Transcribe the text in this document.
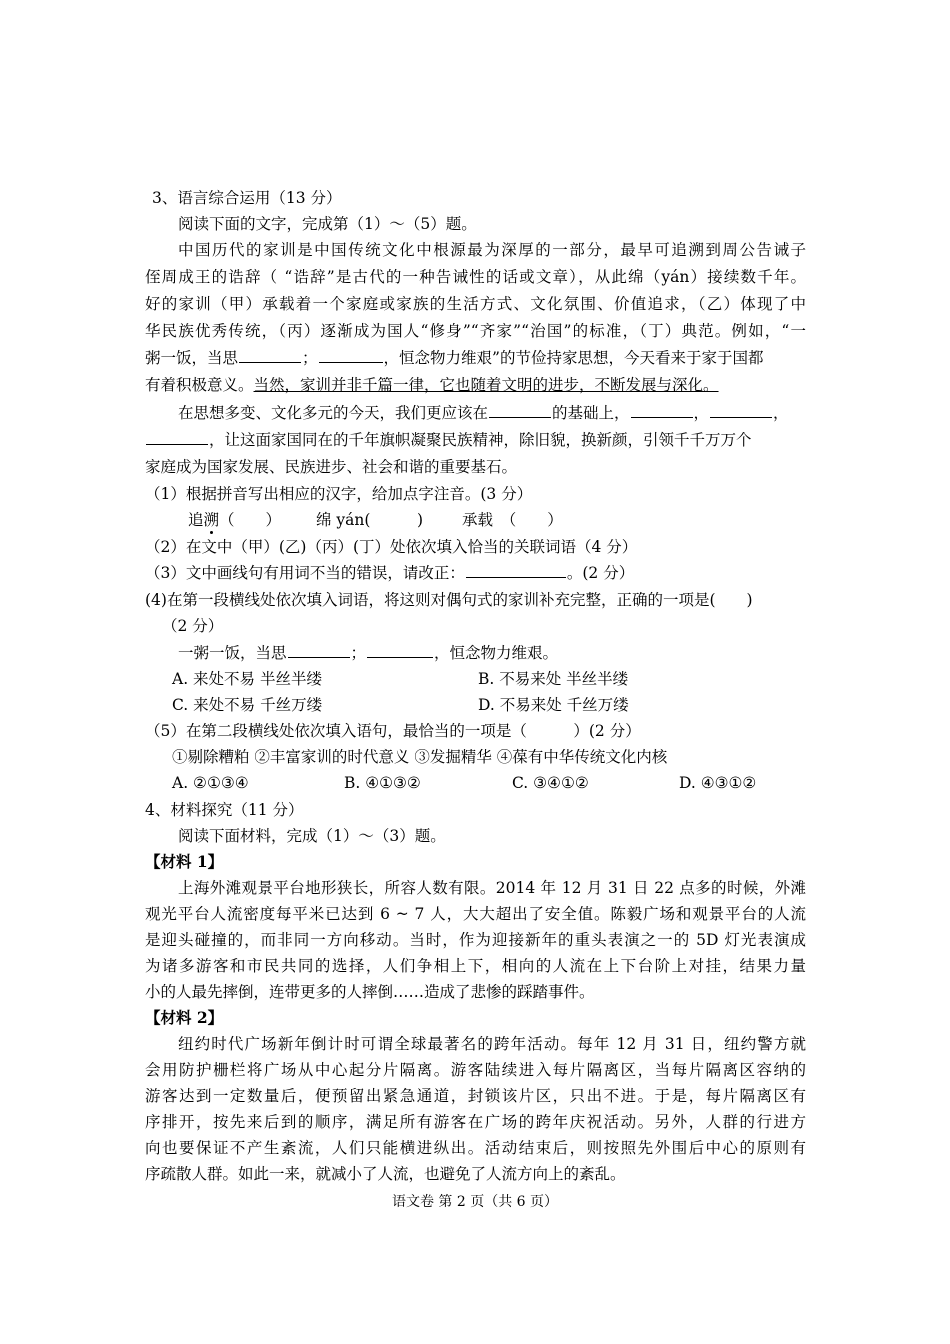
3、语言综合运用（13 分）
阅读下面的文字，完成第（1）～（5）题。
中国历代的家训是中国传统文化中根源最为深厚的一部分，最早可追溯到周公告诫子
侄周成王的诰辞（ “诰辞”是古代的一种告诫性的话或文章），从此绵（yán）接续数千年。
好的家训（甲）承载着一个家庭或家族的生活方式、文化氛围、价值追求，（乙）体现了中
华民族优秀传统，（丙）逐渐成为国人“修身”“齐家”“治国”的标准，（丁）典范。例如，“一
粥一饭，当思	；	，恒念物力维艰”的节俭持家思想，今天看来于家于国都
有着积极意义。当然，家训并非千篇一律，它也随着文明的进步，不断发展与深化。
在思想多变、文化多元的今天，我们更应该在	的基础上，	，	，
，让这面家国同在的千年旗帜凝聚民族精神，除旧貌，换新颜，引领千千万万个
家庭成为国家发展、民族进步、社会和谐的重要基石。
（1）根据拼音写出相应的汉字，给加点字注音。(3 分）
追溯（　　） 绵 yán(　　　)	承载　（　　）
（2）在文中（甲）(乙)（丙）(丁）处依次填入恰当的关联词语（4 分）
（3）文中画线句有用词不当的错误，请改正：	。(2 分）
(4)在第一段横线处依次填入词语，将这则对偶句式的家训补充完整，正确的一项是(　　)
（2 分）
一粥一饭，当思	；	，恒念物力维艰。
A. 来处不易 半丝半缕	B. 不易来处 半丝半缕
C. 来处不易 千丝万缕	D. 不易来处 千丝万缕
（5）在第二段横线处依次填入语句，最恰当的一项是（　　　）(2 分）
①剔除糟粕 ②丰富家训的时代意义 ③发掘精华 ④葆有中华传统文化内核
A. ②①③④	B. ④①③②	C. ③④①②	D. ④③①②
4、材料探究（11 分）
阅读下面材料，完成（1）～（3）题。
【材料 1】
上海外滩观景平台地形狭长，所容人数有限。2014 年 12 月 31 日 22 点多的时候，外滩
观光平台人流密度每平米已达到 6 ~ 7 人，大大超出了安全值。陈毅广场和观景平台的人流
是迎头碰撞的，而非同一方向移动。当时，作为迎接新年的重头表演之一的 5D 灯光表演成
为诸多游客和市民共同的选择，人们争相上下，相向的人流在上下台阶上对挂，结果力量
小的人最先摔倒，连带更多的人摔倒……造成了悲惨的踩踏事件。
【材料 2】
纽约时代广场新年倒计时可谓全球最著名的跨年活动。每年 12 月 31 日，纽约警方就
会用防护栅栏将广场从中心起分片隔离。游客陆续进入每片隔离区，当每片隔离区容纳的
游客达到一定数量后，便预留出紧急通道，封锁该片区，只出不进。于是，每片隔离区有
序排开，按先来后到的顺序，满足所有游客在广场的跨年庆祝活动。另外，人群的行进方
向也要保证不产生紊流，人们只能横进纵出。活动结束后，则按照先外围后中心的原则有
序疏散人群。如此一来，就减小了人流，也避免了人流方向上的紊乱。
语文卷 第 2 页（共 6 页）
